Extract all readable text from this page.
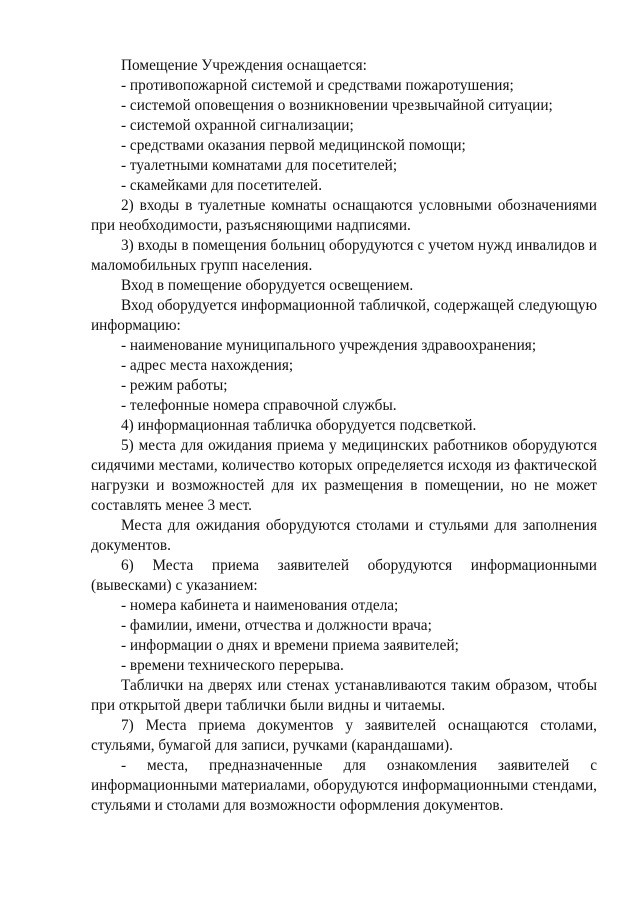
Помещение Учреждения оснащается:
- противопожарной системой и средствами пожаротушения;
- системой оповещения о возникновении чрезвычайной ситуации;
- системой охранной сигнализации;
- средствами оказания первой медицинской помощи;
- туалетными комнатами для посетителей;
- скамейками для посетителей.
2) входы в туалетные комнаты оснащаются условными обозначениями
при необходимости, разъясняющими надписями.
3) входы в помещения больниц оборудуются с учетом нужд инвалидов и
маломобильных групп населения.
Вход в помещение оборудуется освещением.
Вход оборудуется информационной табличкой, содержащей следующую
информацию:
- наименование муниципального учреждения здравоохранения;
- адрес места нахождения;
- режим работы;
- телефонные номера справочной службы.
4) информационная табличка оборудуется подсветкой.
5) места для ожидания приема у медицинских работников оборудуются
сидячими местами, количество которых определяется исходя из фактической
нагрузки и возможностей для их размещения в помещении, но не может
составлять менее 3 мест.
Места для ожидания оборудуются столами и стульями для заполнения
документов.
6) Места приема заявителей оборудуются информационными
(вывесками) с указанием:
- номера кабинета и наименования отдела;
- фамилии, имени, отчества и должности врача;
- информации о днях и времени приема заявителей;
- времени технического перерыва.
Таблички на дверях или стенах устанавливаются таким образом, чтобы
при открытой двери таблички были видны и читаемы.
7) Места приема документов у заявителей оснащаются столами,
стульями, бумагой для записи, ручками (карандашами).
- места, предназначенные для ознакомления заявителей с
информационными материалами, оборудуются информационными стендами,
стульями и столами для возможности оформления документов.
